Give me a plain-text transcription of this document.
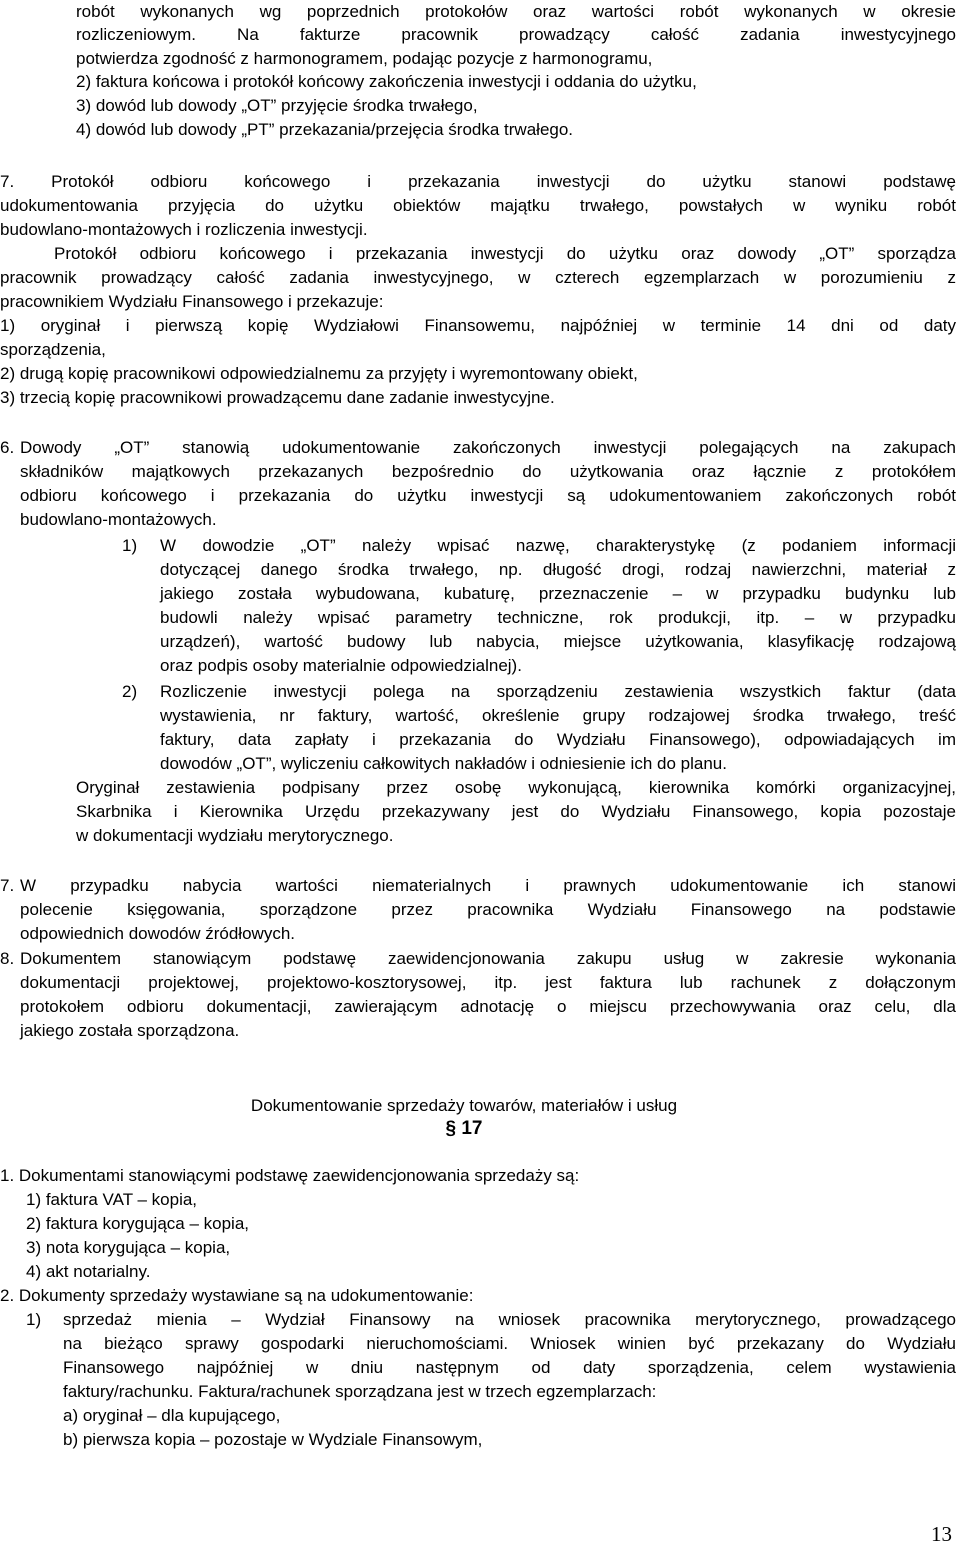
robót wykonanych wg poprzednich protokołów oraz wartości robót wykonanych w okresie
rozliczeniowym. Na fakturze pracownik prowadzący całość zadania inwestycyjnego
potwierdza zgodność z harmonogramem, podając pozycje z harmonogramu,
2) faktura końcowa i protokół końcowy zakończenia inwestycji i oddania do użytku,
3) dowód lub dowody „OT” przyjęcie środka trwałego,
4) dowód lub dowody „PT” przekazania/przejęcia środka trwałego.
7. Protokół odbioru końcowego i przekazania inwestycji do użytku stanowi podstawę
udokumentowania przyjęcia do użytku obiektów majątku trwałego, powstałych w wyniku robót
budowlano-montażowych i rozliczenia inwestycji.
Protokół odbioru końcowego i przekazania inwestycji do użytku oraz dowody „OT” sporządza
pracownik prowadzący całość zadania inwestycyjnego, w czterech egzemplarzach w porozumieniu z
pracownikiem Wydziału Finansowego i przekazuje:
1) oryginał i pierwszą kopię Wydziałowi Finansowemu, najpóźniej w terminie 14 dni od daty
sporządzenia,
2) drugą kopię pracownikowi odpowiedzialnemu za przyjęty i wyremontowany obiekt,
3) trzecią kopię pracownikowi prowadzącemu dane zadanie inwestycyjne.
6. Dowody „OT” stanowią udokumentowanie zakończonych inwestycji polegających na zakupach
składników majątkowych przekazanych bezpośrednio do użytkowania oraz łącznie z protokółem
odbioru końcowego i przekazania do użytku inwestycji są udokumentowaniem zakończonych robót
budowlano-montażowych.
1) W dowodzie „OT” należy wpisać nazwę, charakterystykę (z podaniem informacji
dotyczącej danego środka trwałego, np. długość drogi, rodzaj nawierzchni, materiał z
jakiego została wybudowana, kubaturę, przeznaczenie – w przypadku budynku lub
budowli należy wpisać parametry techniczne, rok produkcji, itp. – w przypadku
urządzeń), wartość budowy lub nabycia, miejsce użytkowania, klasyfikację rodzajową
oraz podpis osoby materialnie odpowiedzialnej).
2) Rozliczenie inwestycji polega na sporządzeniu zestawienia wszystkich faktur (data
wystawienia, nr faktury, wartość, określenie grupy rodzajowej środka trwałego, treść
faktury, data zapłaty i przekazania do Wydziału Finansowego), odpowiadających im
dowodów „OT”, wyliczeniu całkowitych nakładów i odniesienie ich do planu.
Oryginał zestawienia podpisany przez osobę wykonującą, kierownika komórki organizacyjnej,
Skarbnika i Kierownika Urzędu przekazywany jest do Wydziału Finansowego, kopia pozostaje
w dokumentacji wydziału merytorycznego.
7. W przypadku nabycia wartości niematerialnych i prawnych udokumentowanie ich stanowi
polecenie księgowania, sporządzone przez pracownika Wydziału Finansowego na podstawie
odpowiednich dowodów źródłowych.
8. Dokumentem stanowiącym podstawę zaewidencjonowania zakupu usług w zakresie wykonania
dokumentacji projektowej, projektowo-kosztorysowej, itp. jest faktura lub rachunek z dołączonym
protokołem odbioru dokumentacji, zawierającym adnotację o miejscu przechowywania oraz celu, dla
jakiego została sporządzona.
Dokumentowanie sprzedaży towarów, materiałów i usług
§ 17
1. Dokumentami stanowiącymi podstawę zaewidencjonowania sprzedaży są:
1) faktura VAT – kopia,
2) faktura korygująca – kopia,
3) nota korygująca – kopia,
4) akt notarialny.
2. Dokumenty sprzedaży wystawiane są na udokumentowanie:
1) sprzedaż mienia – Wydział Finansowy na wniosek pracownika merytorycznego, prowadzącego
na bieżąco sprawy gospodarki nieruchomościami. Wniosek winien być przekazany do Wydziału
Finansowego najpóźniej w dniu następnym od daty sporządzenia, celem wystawienia
faktury/rachunku. Faktura/rachunek sporządzana jest w trzech egzemplarzach:
a) oryginał – dla kupującego,
b) pierwsza kopia – pozostaje w Wydziale Finansowym,
13
